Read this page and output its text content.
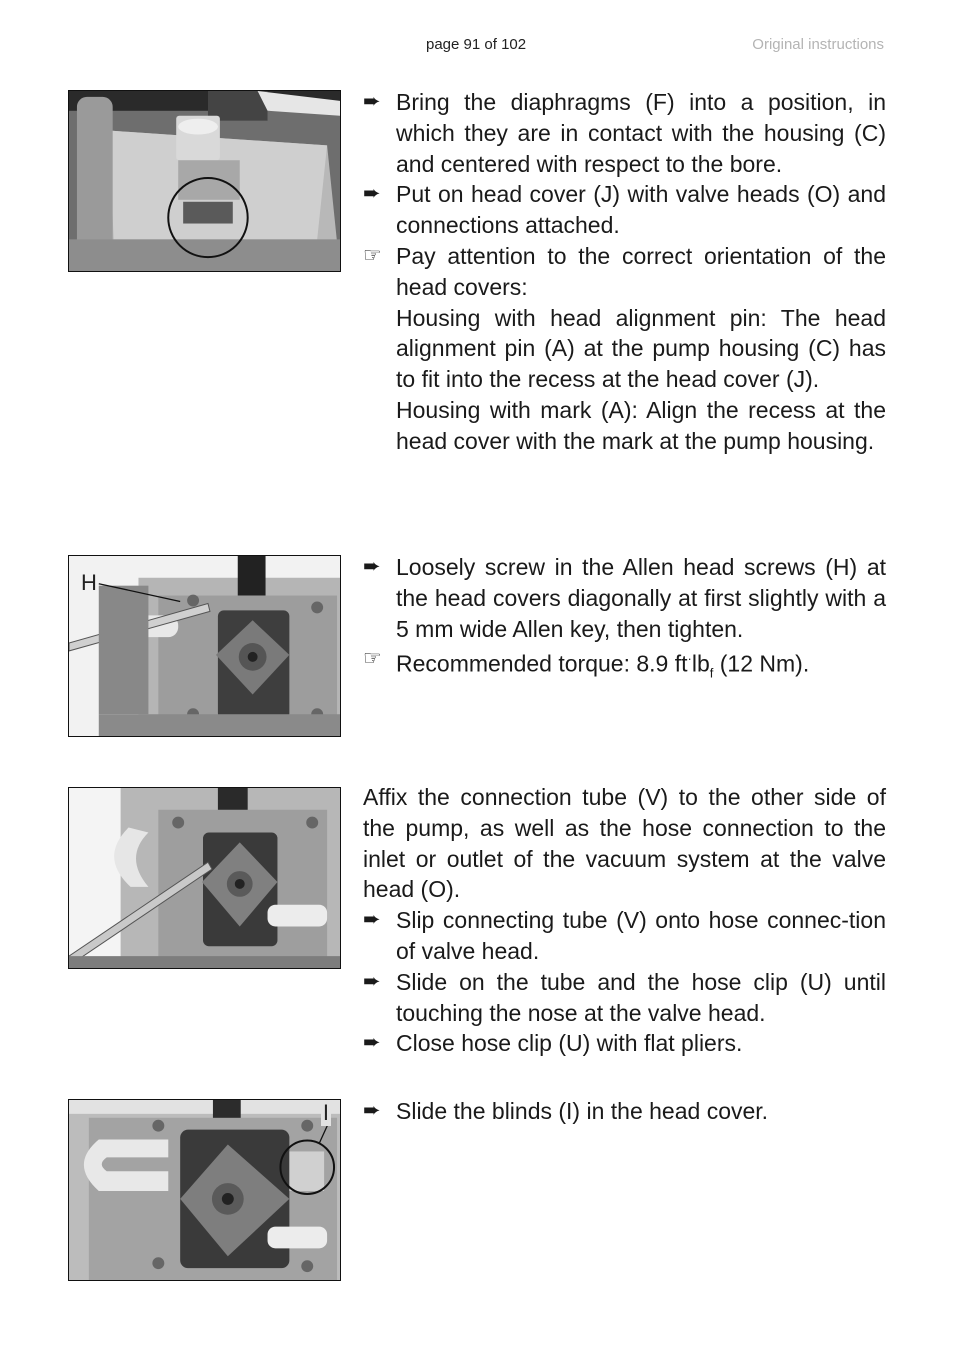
page 91 of 102	Original instructions
➨ Bring the diaphragms (F) into a position, in which they are in contact with the housing (C) and centered with respect to the bore.
➨ Put on head cover (J) with valve heads (O) and connections attached.
☞ Pay attention to the correct orientation of the head covers:
Housing with head alignment pin: The head alignment pin (A) at the pump housing (C) has to fit into the recess at the head cover (J).
Housing with mark (A): Align the recess at the head cover with the mark at the pump housing.
H
➨ Loosely screw in the Allen head screws (H) at the head covers diagonally at first slightly with a 5 mm wide Allen key, then tighten.
☞ Recommended torque: 8.9 $ft^\cdot lb_f$ (12 Nm).
Affix the connection tube (V) to the other side of the pump, as well as the hose connection to the inlet or outlet of the vacuum system at the valve head (O).
➨ Slip connecting tube (V) onto hose connec-tion of valve head.
➨ Slide on the tube and the hose clip (U) until touching the nose at the valve head.
➨ Close hose clip (U) with flat pliers.
I ➨ Slide the blinds (I) in the head cover.
